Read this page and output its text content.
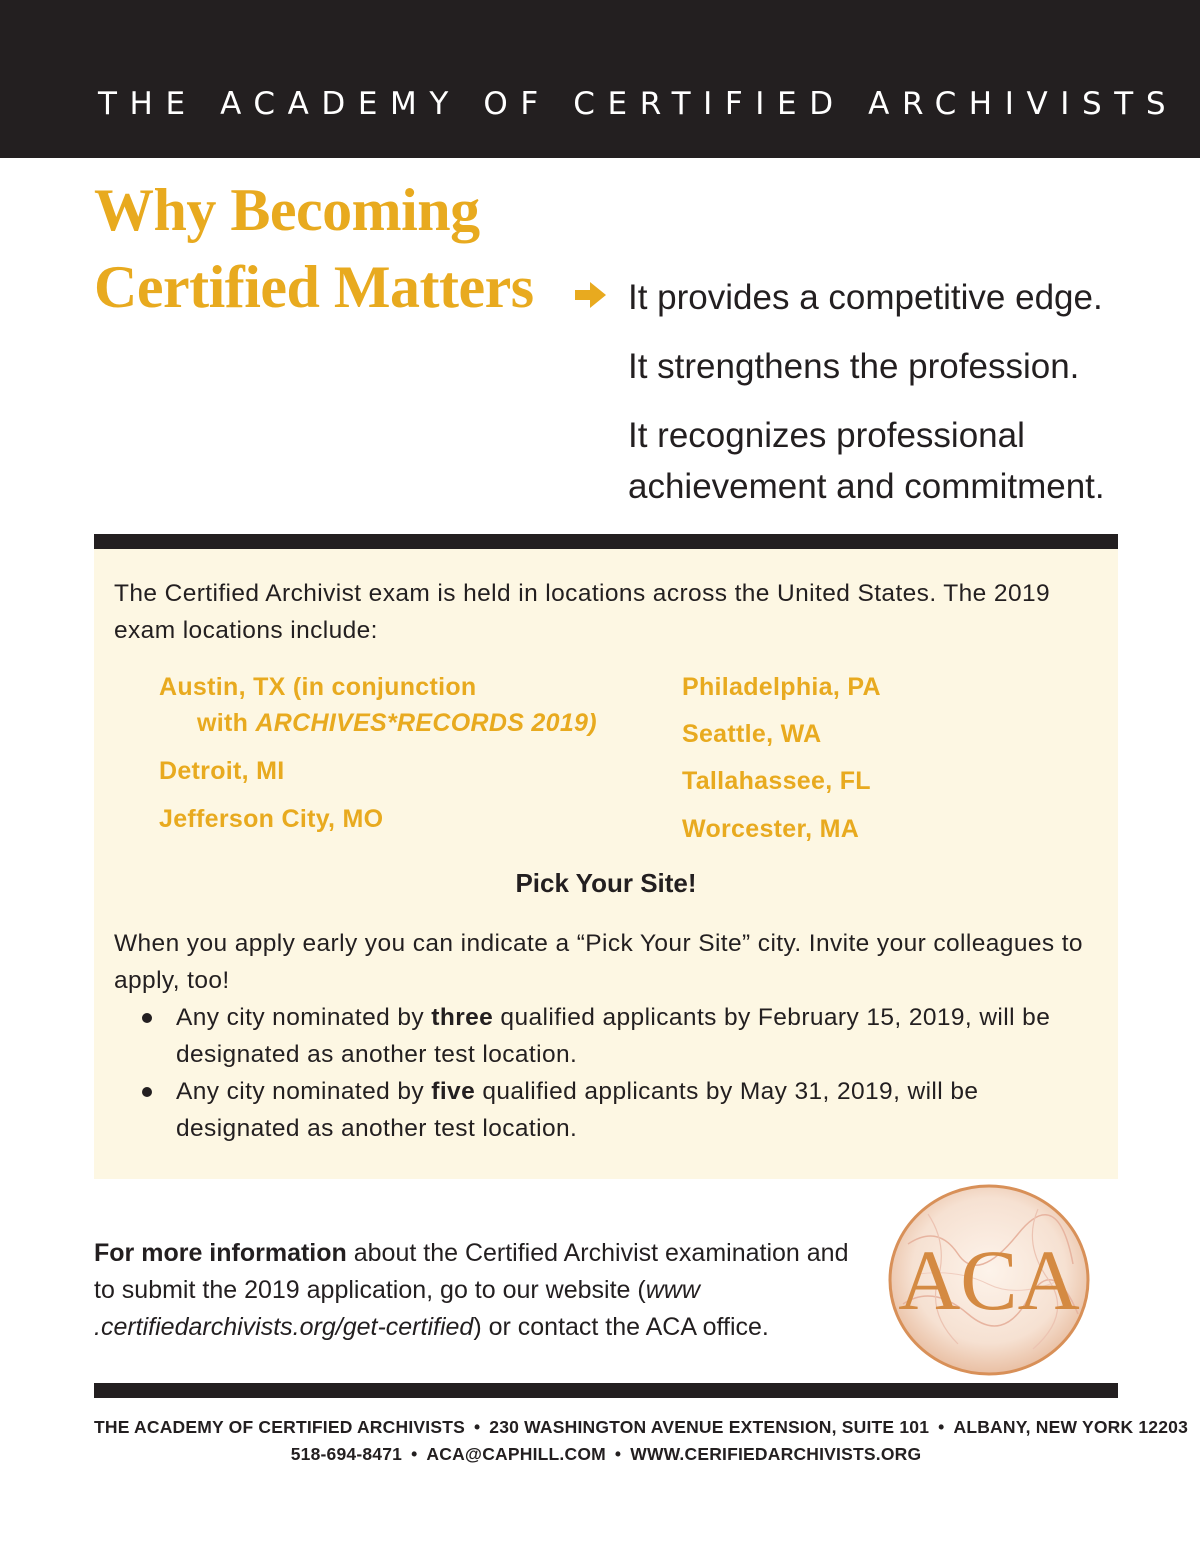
THE ACADEMY OF CERTIFIED ARCHIVISTS
Why Becoming
Certified Matters	It provides a competitive edge.
It strengthens the profession.
It recognizes professional achievement and commitment.

The Certified Archivist exam is held in locations across the United States. The 2019 exam locations include:

Austin, TX (in conjunction
with ARCHIVES*RECORDS 2019)
Detroit, MI
Jefferson City, MO
Philadelphia, PA
Seattle, WA
Tallahassee, FL
Worcester, MA
Pick Your Site!

When you apply early you can indicate a “Pick Your Site” city. Invite your colleagues to apply, too!

Any city nominated by three qualified applicants by February 15, 2019, will be designated as another test location.
Any city nominated by five qualified applicants by May 31, 2019, will be designated as another test location.

For more information about the Certified Archivist examination and to submit the 2019 application, go to our website (www .certifiedarchivists.org/get-certified) or contact the ACA office.	ACA
THE ACADEMY OF CERTIFIED ARCHIVISTS • 230 WASHINGTON AVENUE EXTENSION, SUITE 101 • ALBANY, NEW YORK 12203
518-694-8471 • ACA@CAPHILL.COM • WWW.CERIFIEDARCHIVISTS.ORG
